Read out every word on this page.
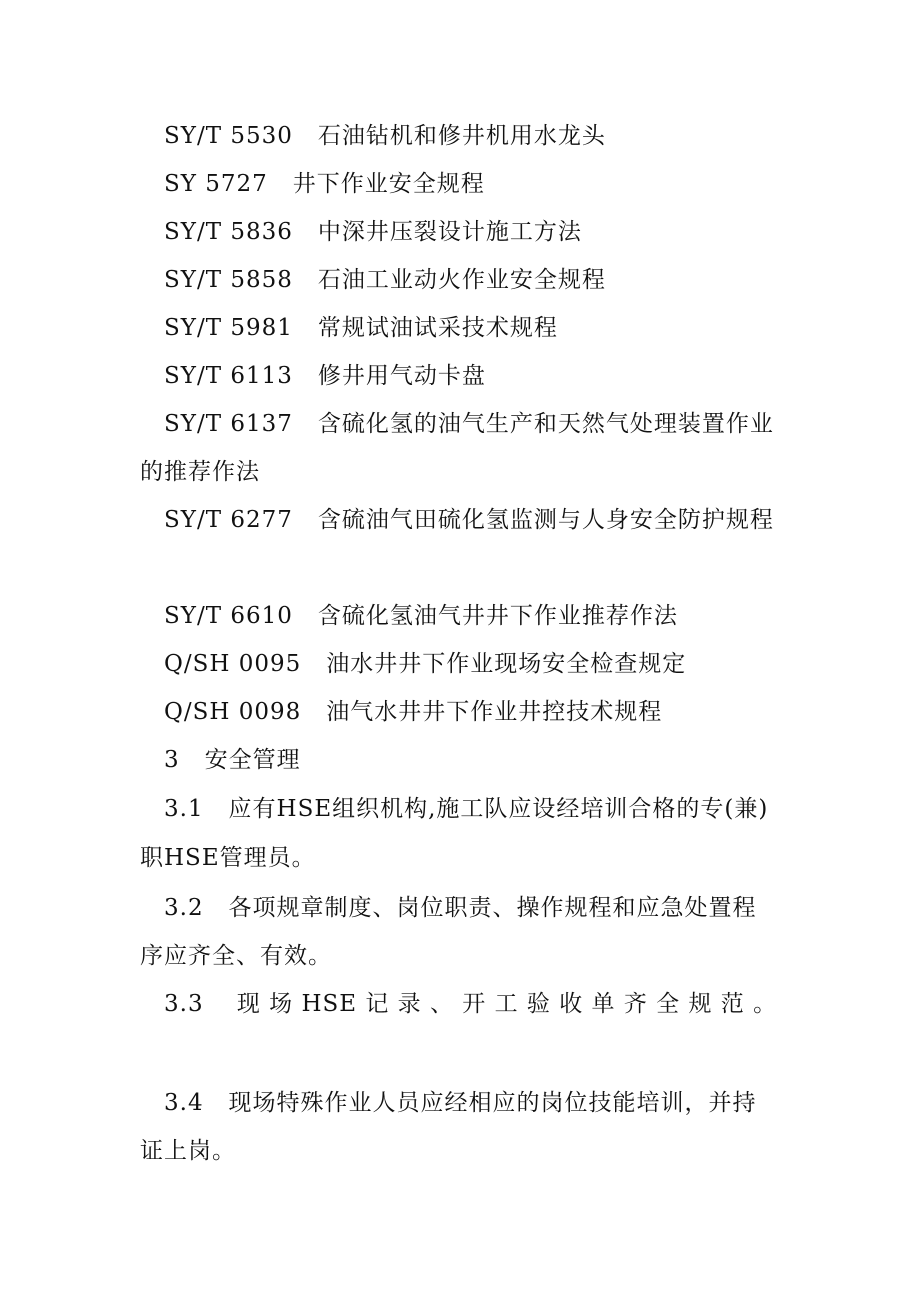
SY/T 5530 石油钻机和修井机用水龙头
SY 5727 井下作业安全规程
SY/T 5836 中深井压裂设计施工方法
SY/T 5858 石油工业动火作业安全规程
SY/T 5981 常规试油试采技术规程
SY/T 6113 修井用气动卡盘
SY/T 6137 含硫化氢的油气生产和天然气处理装置作业
的推荐作法
SY/T 6277 含硫油气田硫化氢监测与人身安全防护规程
SY/T 6610 含硫化氢油气井井下作业推荐作法
Q/SH 0095 油水井井下作业现场安全检查规定
Q/SH 0098 油气水井井下作业井控技术规程
3 安全管理
3.1 应有HSE组织机构,施工队应设经培训合格的专(兼)
职HSE管理员。
3.2 各项规章制度、岗位职责、操作规程和应急处置程
序应齐全、有效。
3.3 现 场 HSE 记 录 、 开 工 验 收 单 齐 全 规 范 。
3.4 现场特殊作业人员应经相应的岗位技能培训，并持
证上岗。
